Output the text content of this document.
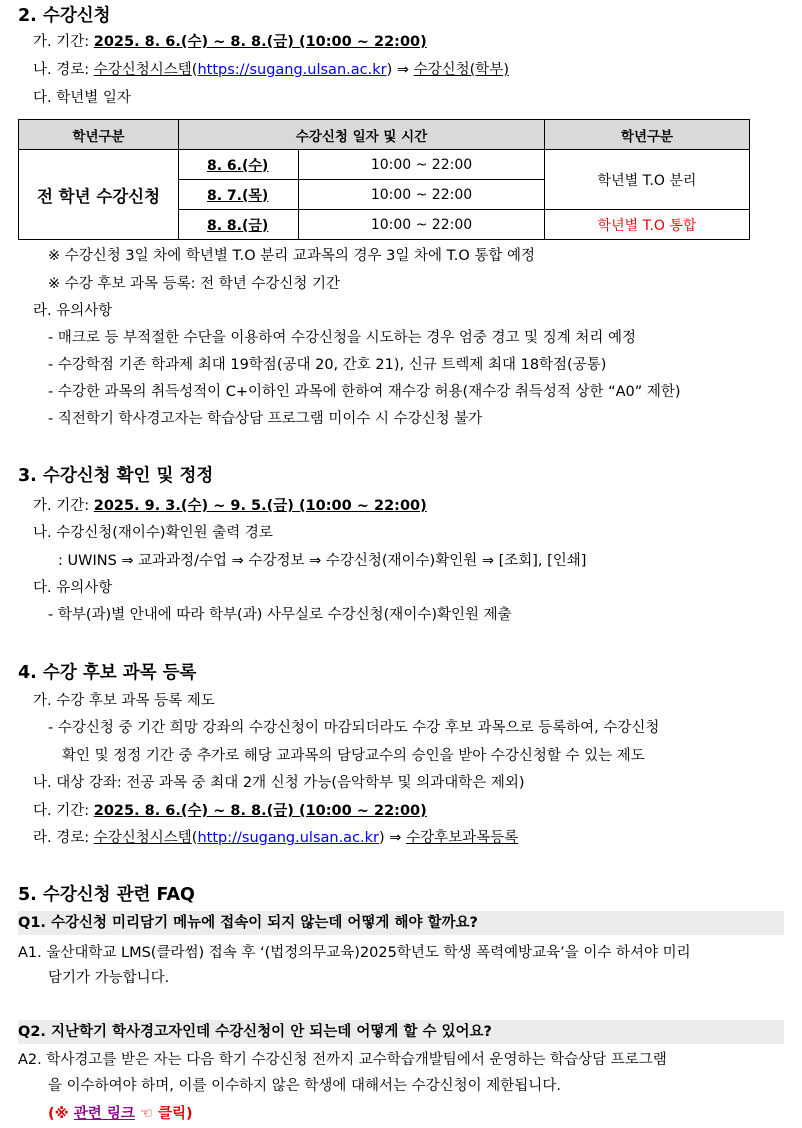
2. 수강신청
가. 기간: 2025. 8. 6.(수) ~ 8. 8.(금) (10:00 ~ 22:00)
나. 경로: 수강신청시스템(https://sugang.ulsan.ac.kr) ⇒ 수강신청(학부)
다. 학년별 일자
학년구분	수강신청 일자 및 시간		학년구분
전 학년 수강신청	8. 6.(수)	10:00 ~ 22:00	학년별 T.O 분리
	8. 7.(목)	10:00 ~ 22:00	
	8. 8.(금)	10:00 ~ 22:00	학년별 T.O 통합
※ 수강신청 3일 차에 학년별 T.O 분리 교과목의 경우 3일 차에 T.O 통합 예정
※ 수강 후보 과목 등록: 전 학년 수강신청 기간
라. 유의사항
- 매크로 등 부적절한 수단을 이용하여 수강신청을 시도하는 경우 엄중 경고 및 징계 처리 예정
- 수강학점 기존 학과제 최대 19학점(공대 20, 간호 21), 신규 트렉제 최대 18학점(공통)
- 수강한 과목의 취득성적이 C+이하인 과목에 한하여 재수강 허용(재수강 취득성적 상한 “A0” 제한)
- 직전학기 학사경고자는 학습상담 프로그램 미이수 시 수강신청 불가
3. 수강신청 확인 및 정정
가. 기간: 2025. 9. 3.(수) ~ 9. 5.(금) (10:00 ~ 22:00)
나. 수강신청(재이수)확인원 출력 경로
: UWINS ⇒ 교과과정/수업 ⇒ 수강정보 ⇒ 수강신청(재이수)확인원 ⇒ [조회], [인쇄]
다. 유의사항
- 학부(과)별 안내에 따라 학부(과) 사무실로 수강신청(재이수)확인원 제출
4. 수강 후보 과목 등록
가. 수강 후보 과목 등록 제도
- 수강신청 중 기간 희망 강좌의 수강신청이 마감되더라도 수강 후보 과목으로 등록하여, 수강신청
확인 및 정정 기간 중 추가로 해당 교과목의 담당교수의 승인을 받아 수강신청할 수 있는 제도
나. 대상 강좌: 전공 과목 중 최대 2개 신청 가능(음악학부 및 의과대학은 제외)
다. 기간: 2025. 8. 6.(수) ~ 8. 8.(금) (10:00 ~ 22:00)
라. 경로: 수강신청시스템(http://sugang.ulsan.ac.kr) ⇒ 수강후보과목등록
5. 수강신청 관련 FAQ
Q1. 수강신청 미리담기 메뉴에 접속이 되지 않는데 어떻게 해야 할까요?
A1. 울산대학교 LMS(클라썸) 접속 후 ‘(법정의무교육)2025학년도 학생 폭력예방교육’을 이수 하셔야 미리
담기가 가능합니다.
Q2. 지난학기 학사경고자인데 수강신청이 안 되는데 어떻게 할 수 있어요?
A2. 학사경고를 받은 자는 다음 학기 수강신청 전까지 교수학습개발팀에서 운영하는 학습상담 프로그램
을 이수하여야 하며, 이를 이수하지 않은 학생에 대해서는 수강신청이 제한됩니다.
(※ 관련 링크 ☜ 클릭)
